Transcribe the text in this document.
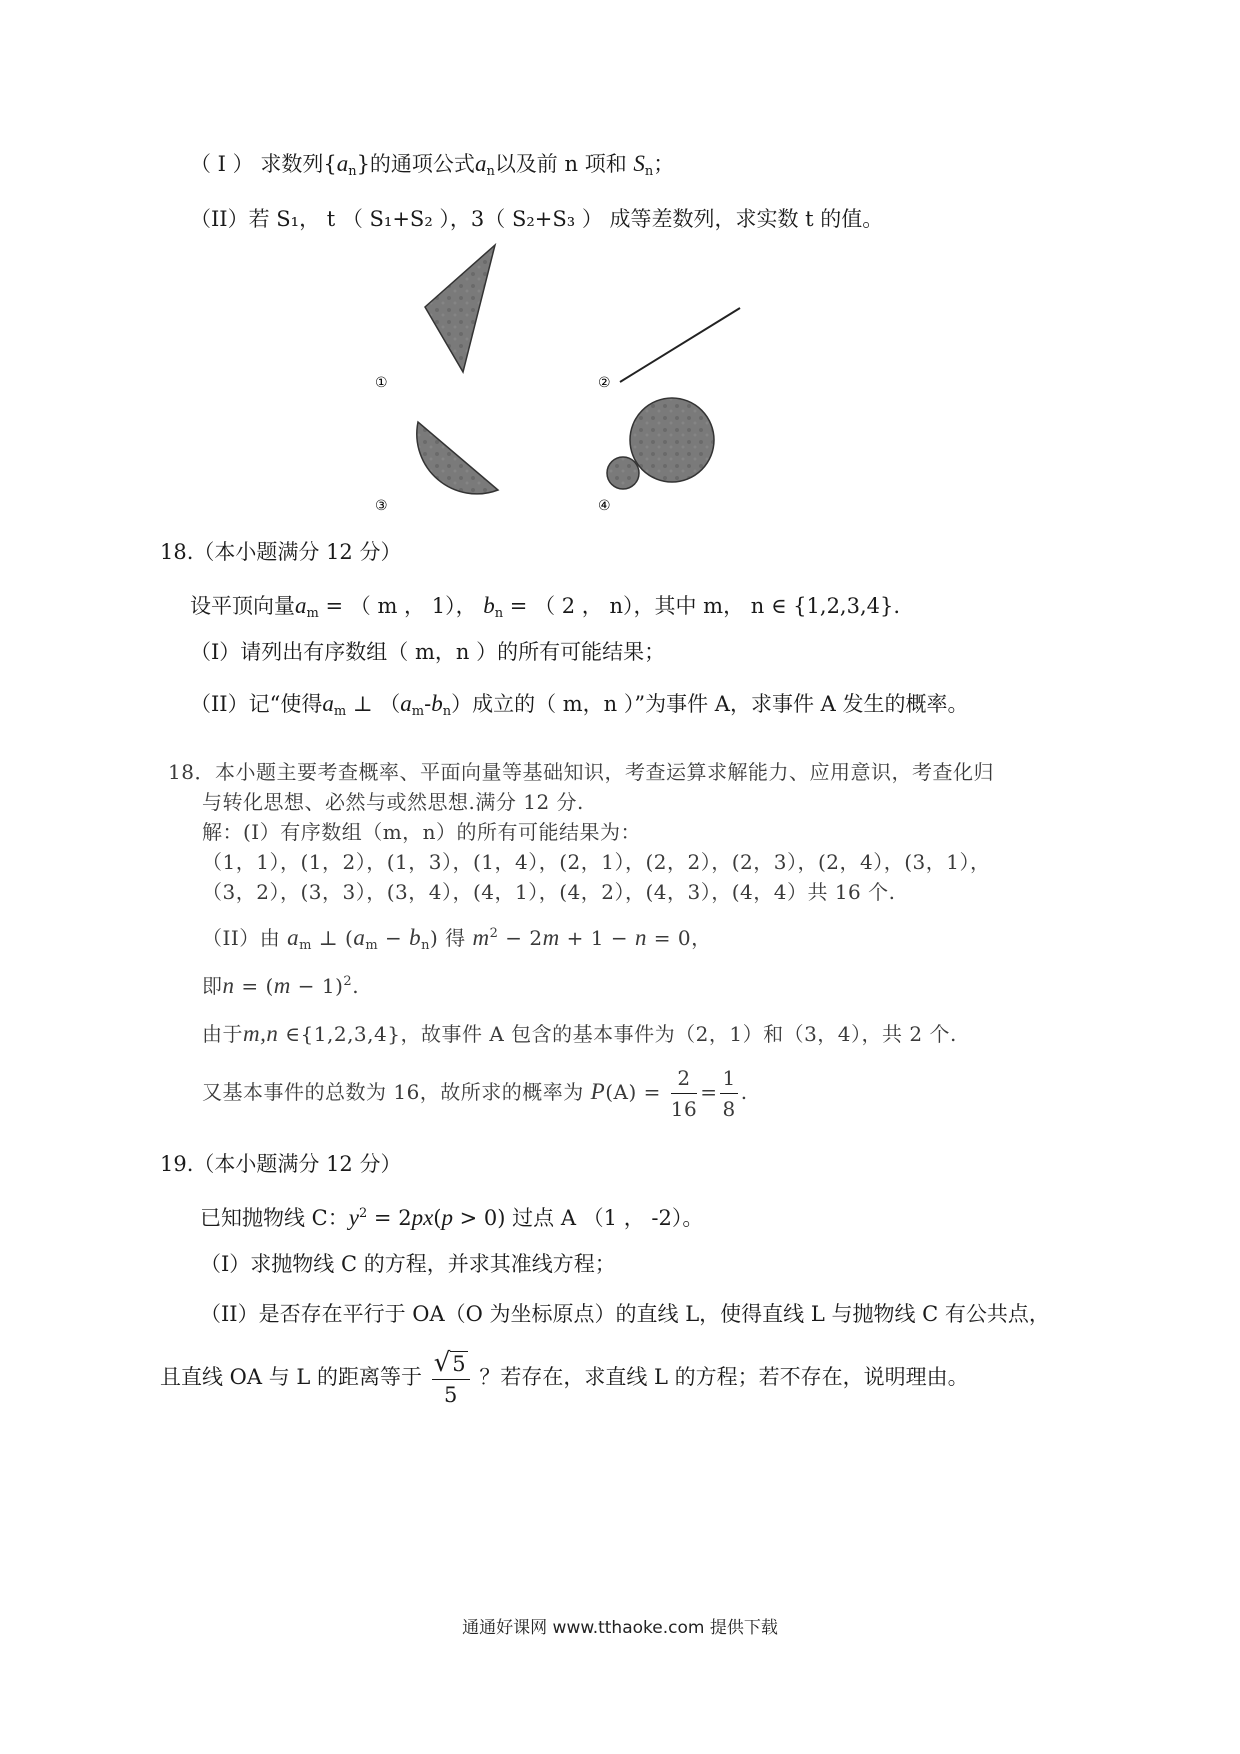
（ Ⅰ ） 求数列$\{a_n\}$的通项公式$a_n$以及前 n 项和 $S_n$；
（II）若 S₁， t （ S₁+S₂ ），3（ S₂+S₃ ） 成等差数列，求实数 t 的值。
①	②
③	④
18.（本小题满分 12 分）
设平顶向量$a_m$ = （ m ， 1）， $b_n$ = （ 2 ， n），其中 m， n ∈ {1,2,3,4}.
（I）请列出有序数组（ m，n ）的所有可能结果；
（II）记“使得$a_m$ ⊥ $(a_m-b_n)$成立的（ m，n ）”为事件 A，求事件 A 发生的概率。
18．本小题主要考查概率、平面向量等基础知识，考查运算求解能力、应用意识，考查化归
与转化思想、必然与或然思想.满分 12 分.
解：(I）有序数组（m，n）的所有可能结果为：
（1，1），(1，2），(1，3），(1，4），(2，1），(2，2），(2，3），(2，4），(3，1），
（3，2），(3，3），(3，4），(4，1），(4，2），(4，3），(4，4）共 16 个.
（II）由 $a_m$ ⊥ $(a_m - b_n)$ 得 $m^2 - 2m + 1 - n = 0$，
即$n = (m - 1)^2$.
由于m,n ∈{1,2,3,4}，故事件 A 包含的基本事件为（2，1）和（3，4），共 2 个.
又基本事件的总数为 16，故所求的概率为 $P(A) = \frac{2}{16} = \frac{1}{8}$ .
19.（本小题满分 12 分）
已知抛物线 C：$y^2 = 2px(p > 0)$ 过点 A （1 ， -2）。
（I）求抛物线 C 的方程，并求其准线方程；
（II）是否存在平行于 OA（O 为坐标原点）的直线 L，使得直线 L 与抛物线 C 有公共点，
且直线 OA 与 L 的距离等于 $\frac{√5}{5}$ ？若存在，求直线 L 的方程；若不存在，说明理由。
通通好课网 www.tthaoke.com 提供下载
